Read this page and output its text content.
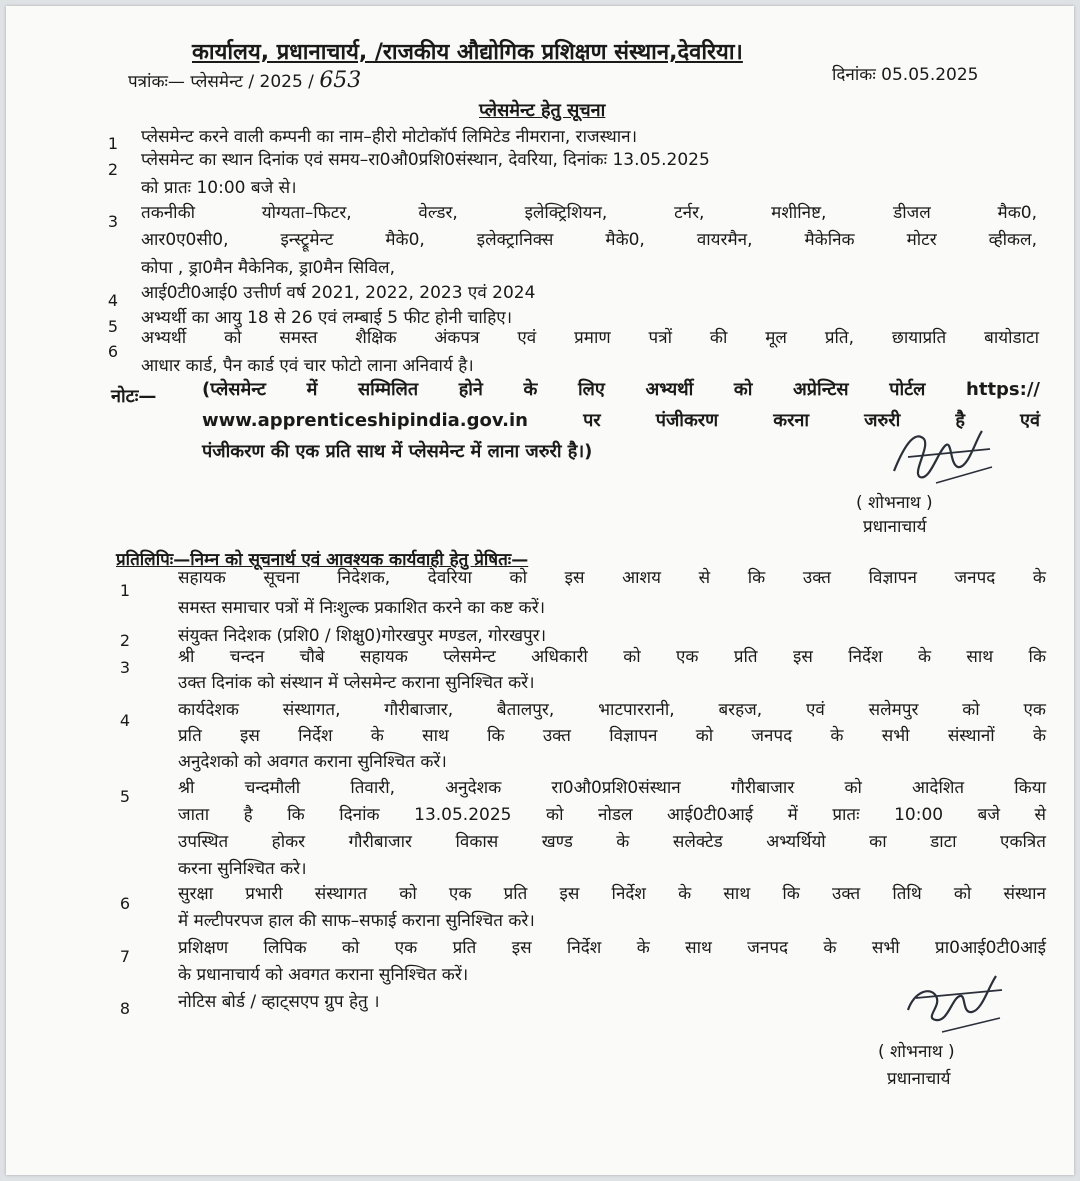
कार्यालय, प्रधानाचार्य, /राजकीय औद्योगिक प्रशिक्षण संस्थान,देवरिया।
पत्रांकः— प्लेसमेन्ट / 2025 / 653	दिनांकः 05.05.2025
प्लेसमेन्ट हेतु सूचना
1 प्लेसमेन्ट करने वाली कम्पनी का नाम–हीरो मोटोकॉर्प लिमिटेड नीमराना, राजस्थान।
2 प्लेसमेन्ट का स्थान दिनांक एवं समय–रा0औ0प्रशि0संस्थान, देवरिया, दिनांकः 13.05.2025
को प्रातः 10:00 बजे से।
3 तकनीकी योग्यता–फिटर, वेल्डर, इलेक्ट्रिशियन, टर्नर, मशीनिष्ट, डीजल मैक0,
आर0ए0सी0, इन्स्ट्रूमेन्ट मैके0, इलेक्ट्रानिक्स मैके0, वायरमैन, मैकेनिक मोटर व्हीकल,
कोपा , ड्रा0मैन मैकेनिक, ड्रा0मैन सिविल,
4 आई0टी0आई0 उत्तीर्ण वर्ष 2021, 2022, 2023 एवं 2024
5 अभ्यर्थी का आयु 18 से 26 एवं लम्बाई 5 फीट होनी चाहिए।
6
अभ्यर्थी को समस्त शैक्षिक अंकपत्र एवं प्रमाण पत्रों की मूल प्रति, छायाप्रति बायोडाटा
आधार कार्ड, पैन कार्ड एवं चार फोटो लाना अनिवार्य है।
नोटः—	(प्लेसमेन्ट में सम्मिलित होने के लिए अभ्यर्थी को अप्रेन्टिस पोर्टल https://
www.apprenticeshipindia.gov.in पर पंजीकरण करना जरुरी है एवं
पंजीकरण की एक प्रति साथ में प्लेसमेन्ट में लाना जरुरी है।)
( शोभनाथ )
प्रधानाचार्य
प्रतिलिपिः—निम्न को सूचनार्थ एवं आवश्यक कार्यवाही हेतु प्रेषितः—
1
सहायक सूचना निदेशक, देवरिया को इस आशय से कि उक्त विज्ञापन जनपद के
समस्त समाचार पत्रों में निःशुल्क प्रकाशित करने का कष्ट करें।
2	संयुक्त निदेशक (प्रशि0 / शिक्षु0)गोरखपुर मण्डल, गोरखपुर।
3
श्री चन्दन चौबे सहायक प्लेसमेन्ट अधिकारी को एक प्रति इस निर्देश के साथ कि
उक्त दिनांक को संस्थान में प्लेसमेन्ट कराना सुनिश्चित करें।
4
कार्यदेशक संस्थागत, गौरीबाजार, बैतालपुर, भाटपाररानी, बरहज, एवं सलेमपुर को एक
प्रति इस निर्देश के साथ कि उक्त विज्ञापन को जनपद के सभी संस्थानों के
अनुदेशको को अवगत कराना सुनिश्चित करें।
5	श्री चन्दमौली तिवारी, अनुदेशक रा0औ0प्रशि0संस्थान गौरीबाजार को आदेशित किया
जाता है कि दिनांक 13.05.2025 को नोडल आई0टी0आई में प्रातः 10:00 बजे से
उपस्थित होकर गौरीबाजार विकास खण्ड के सलेक्टेड अभ्यर्थियो का डाटा एकत्रित
करना सुनिश्चित करे।
6	सुरक्षा प्रभारी संस्थागत को एक प्रति इस निर्देश के साथ कि उक्त तिथि को संस्थान
में मल्टीपरपज हाल की साफ–सफाई कराना सुनिश्चित करे।
7	प्रशिक्षण लिपिक को एक प्रति इस निर्देश के साथ जनपद के सभी प्रा0आई0टी0आई
के प्रधानाचार्य को अवगत कराना सुनिश्चित करें।
8	नोटिस बोर्ड / व्हाट्सएप ग्रुप हेतु ।
( शोभनाथ )
प्रधानाचार्य
